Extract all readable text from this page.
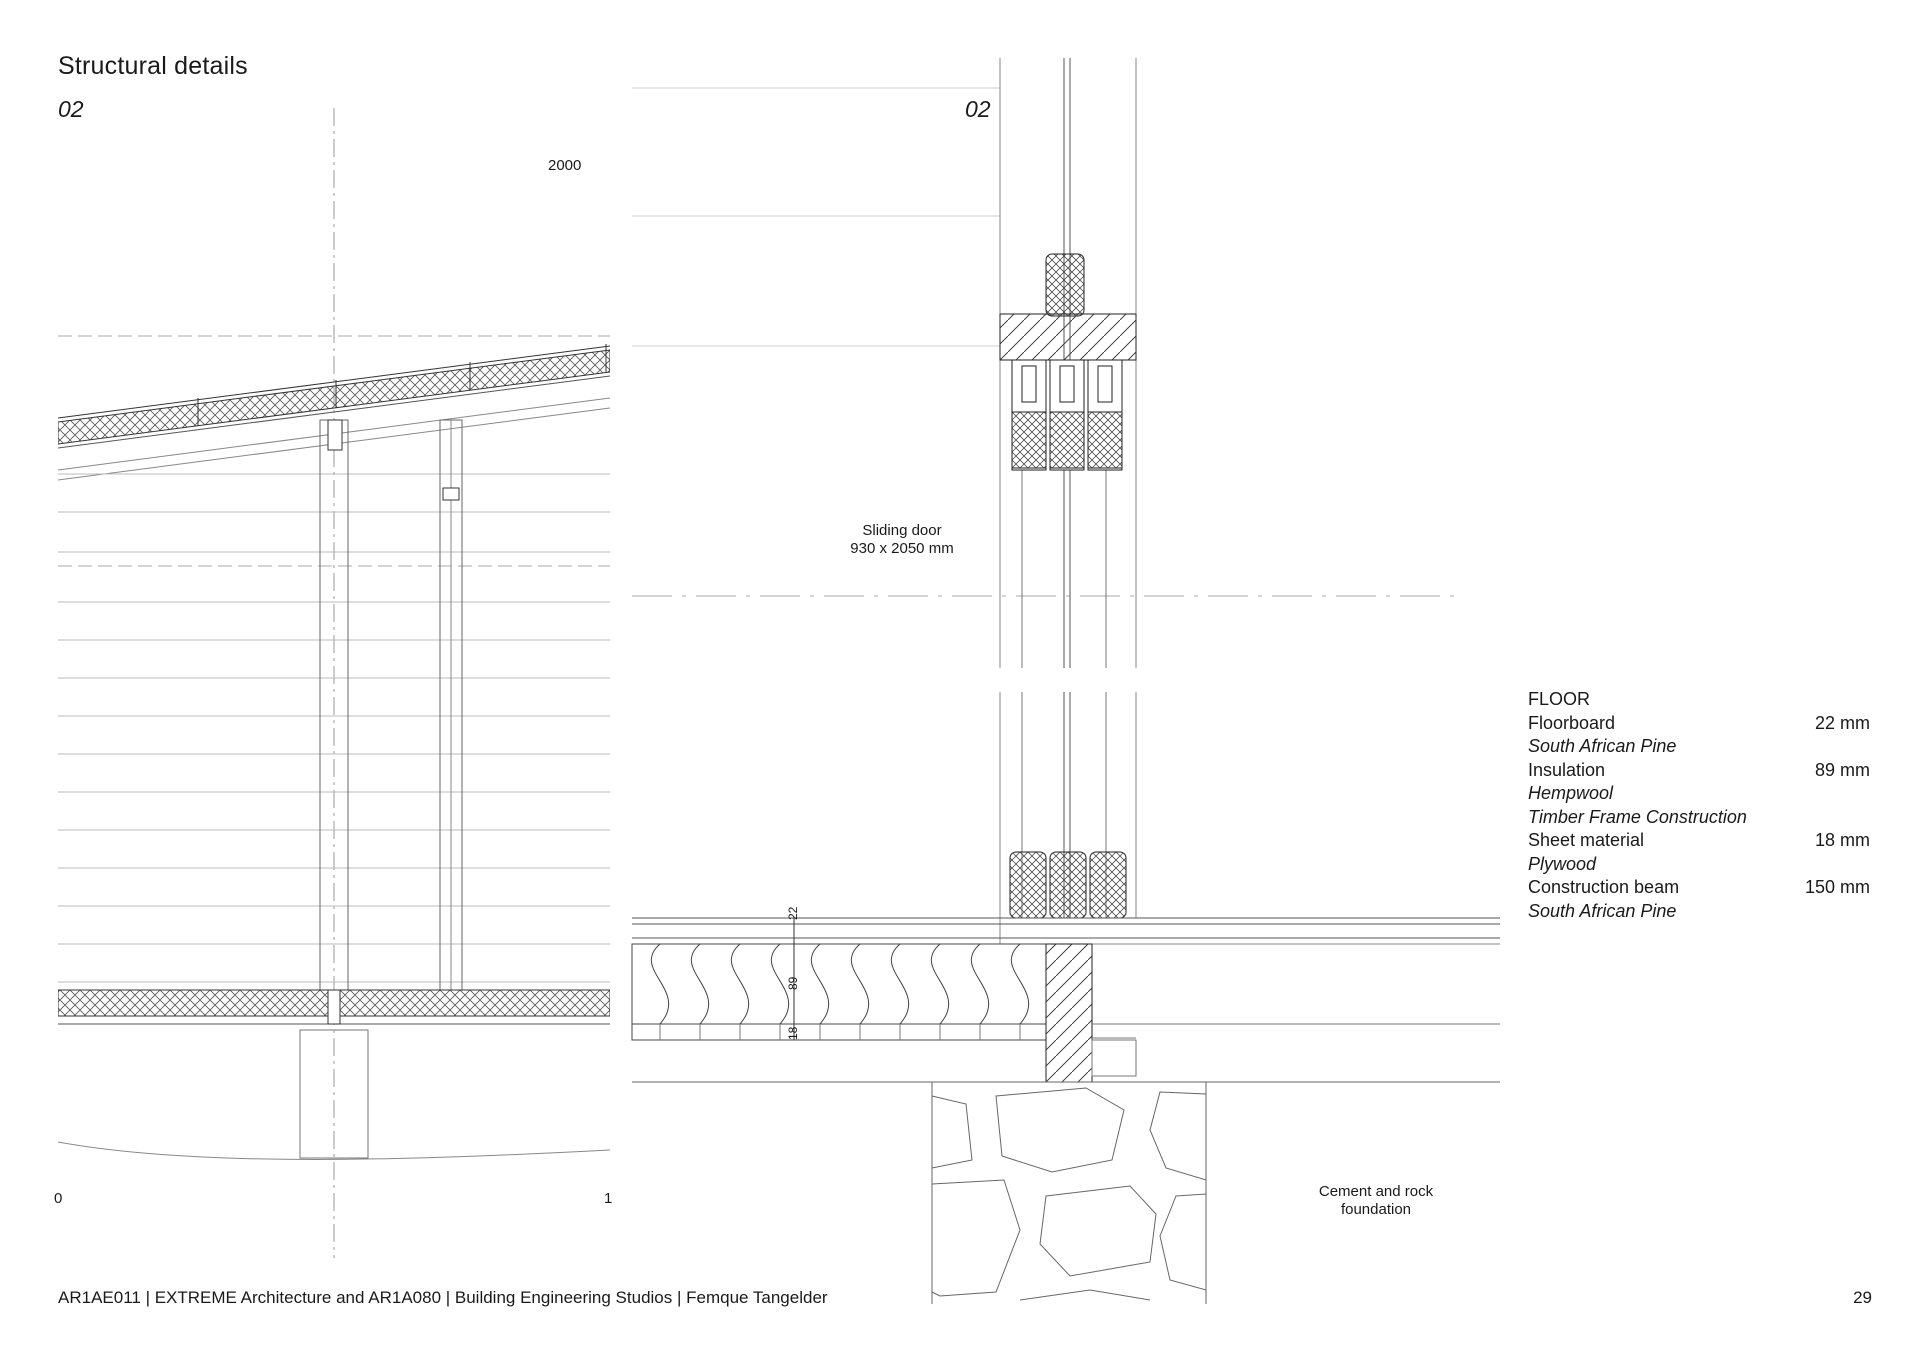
Structural details
02	02
2000
0	1
Sliding door
930 x 2050 mm
Cement and rock
foundation
22
89
18
FLOOR
Floorboard	22 mm
South African Pine
Insulation	89 mm
Hempwool
Timber Frame Construction
Sheet material	18 mm
Plywood
Construction beam	150 mm
South African Pine
AR1AE011 | EXTREME Architecture and AR1A080 | Building Engineering Studios | Femque Tangelder	29
